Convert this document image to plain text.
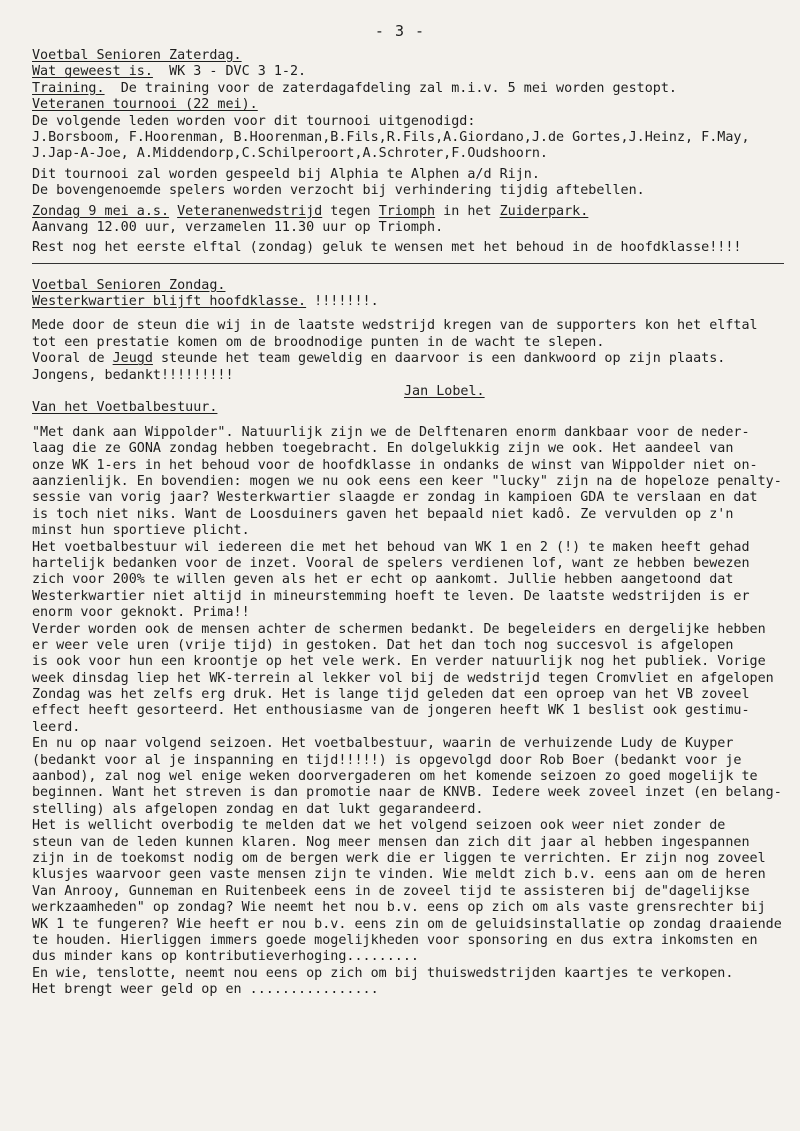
- 3 -
Voetbal Senioren Zaterdag.
Wat geweest is. WK 3 - DVC 3 1-2.
Training. De training voor de zaterdagafdeling zal m.i.v. 5 mei worden gestopt.
Veteranen tournooi (22 mei).
De volgende leden worden voor dit tournooi uitgenodigd:
J.Borsboom, F.Hoorenman, B.Hoorenman,B.Fils,R.Fils,A.Giordano,J.de Gortes,J.Heinz, F.May,
J.Jap-A-Joe, A.Middendorp,C.Schilperoort,A.Schroter,F.Oudshoorn.
Dit tournooi zal worden gespeeld bij Alphia te Alphen a/d Rijn.
De bovengenoemde spelers worden verzocht bij verhindering tijdig aftebellen.
Zondag 9 mei a.s. Veteranenwedstrijd tegen Triomph in het Zuiderpark.
Aanvang 12.00 uur, verzamelen 11.30 uur op Triomph.
Rest nog het eerste elftal (zondag) geluk te wensen met het behoud in de hoofdklasse!!!!
Voetbal Senioren Zondag.
Westerkwartier blijft hoofdklasse. !!!!!!!.
Mede door de steun die wij in de laatste wedstrijd kregen van de supporters kon het elftal
tot een prestatie komen om de broodnodige punten in de wacht te slepen.
Vooral de Jeugd steunde het team geweldig en daarvoor is een dankwoord op zijn plaats.
Jongens, bedankt!!!!!!!!!
Jan Lobel.
Van het Voetbalbestuur.
"Met dank aan Wippolder". Natuurlijk zijn we de Delftenaren enorm dankbaar voor de neder-
laag die ze GONA zondag hebben toegebracht. En dolgelukkig zijn we ook. Het aandeel van
onze WK 1-ers in het behoud voor de hoofdklasse in ondanks de winst van Wippolder niet on-
aanzienlijk. En bovendien: mogen we nu ook eens een keer "lucky" zijn na de hopeloze penalty-
sessie van vorig jaar? Westerkwartier slaagde er zondag in kampioen GDA te verslaan en dat
is toch niet niks. Want de Loosduiners gaven het bepaald niet kadô. Ze vervulden op z'n
minst hun sportieve plicht.
Het voetbalbestuur wil iedereen die met het behoud van WK 1 en 2 (!) te maken heeft gehad
hartelijk bedanken voor de inzet. Vooral de spelers verdienen lof, want ze hebben bewezen
zich voor 200% te willen geven als het er echt op aankomt. Jullie hebben aangetoond dat
Westerkwartier niet altijd in mineurstemming hoeft te leven. De laatste wedstrijden is er
enorm voor geknokt. Prima!!
Verder worden ook de mensen achter de schermen bedankt. De begeleiders en dergelijke hebben
er weer vele uren (vrije tijd) in gestoken. Dat het dan toch nog succesvol is afgelopen
is ook voor hun een kroontje op het vele werk. En verder natuurlijk nog het publiek. Vorige
week dinsdag liep het WK-terrein al lekker vol bij de wedstrijd tegen Cromvliet en afgelopen
Zondag was het zelfs erg druk. Het is lange tijd geleden dat een oproep van het VB zoveel
effect heeft gesorteerd. Het enthousiasme van de jongeren heeft WK 1 beslist ook gestimu-
leerd.
En nu op naar volgend seizoen. Het voetbalbestuur, waarin de verhuizende Ludy de Kuyper
(bedankt voor al je inspanning en tijd!!!!!) is opgevolgd door Rob Boer (bedankt voor je
aanbod), zal nog wel enige weken doorvergaderen om het komende seizoen zo goed mogelijk te
beginnen. Want het streven is dan promotie naar de KNVB. Iedere week zoveel inzet (en belang-
stelling) als afgelopen zondag en dat lukt gegarandeerd.
Het is wellicht overbodig te melden dat we het volgend seizoen ook weer niet zonder de
steun van de leden kunnen klaren. Nog meer mensen dan zich dit jaar al hebben ingespannen
zijn in de toekomst nodig om de bergen werk die er liggen te verrichten. Er zijn nog zoveel
klusjes waarvoor geen vaste mensen zijn te vinden. Wie meldt zich b.v. eens aan om de heren
Van Anrooy, Gunneman en Ruitenbeek eens in de zoveel tijd te assisteren bij de"dagelijkse
werkzaamheden" op zondag? Wie neemt het nou b.v. eens op zich om als vaste grensrechter bij
WK 1 te fungeren? Wie heeft er nou b.v. eens zin om de geluidsinstallatie op zondag draaiende
te houden. Hierliggen immers goede mogelijkheden voor sponsoring en dus extra inkomsten en
dus minder kans op kontributieverhoging.........
En wie, tenslotte, neemt nou eens op zich om bij thuiswedstrijden kaartjes te verkopen.
Het brengt weer geld op en ................
